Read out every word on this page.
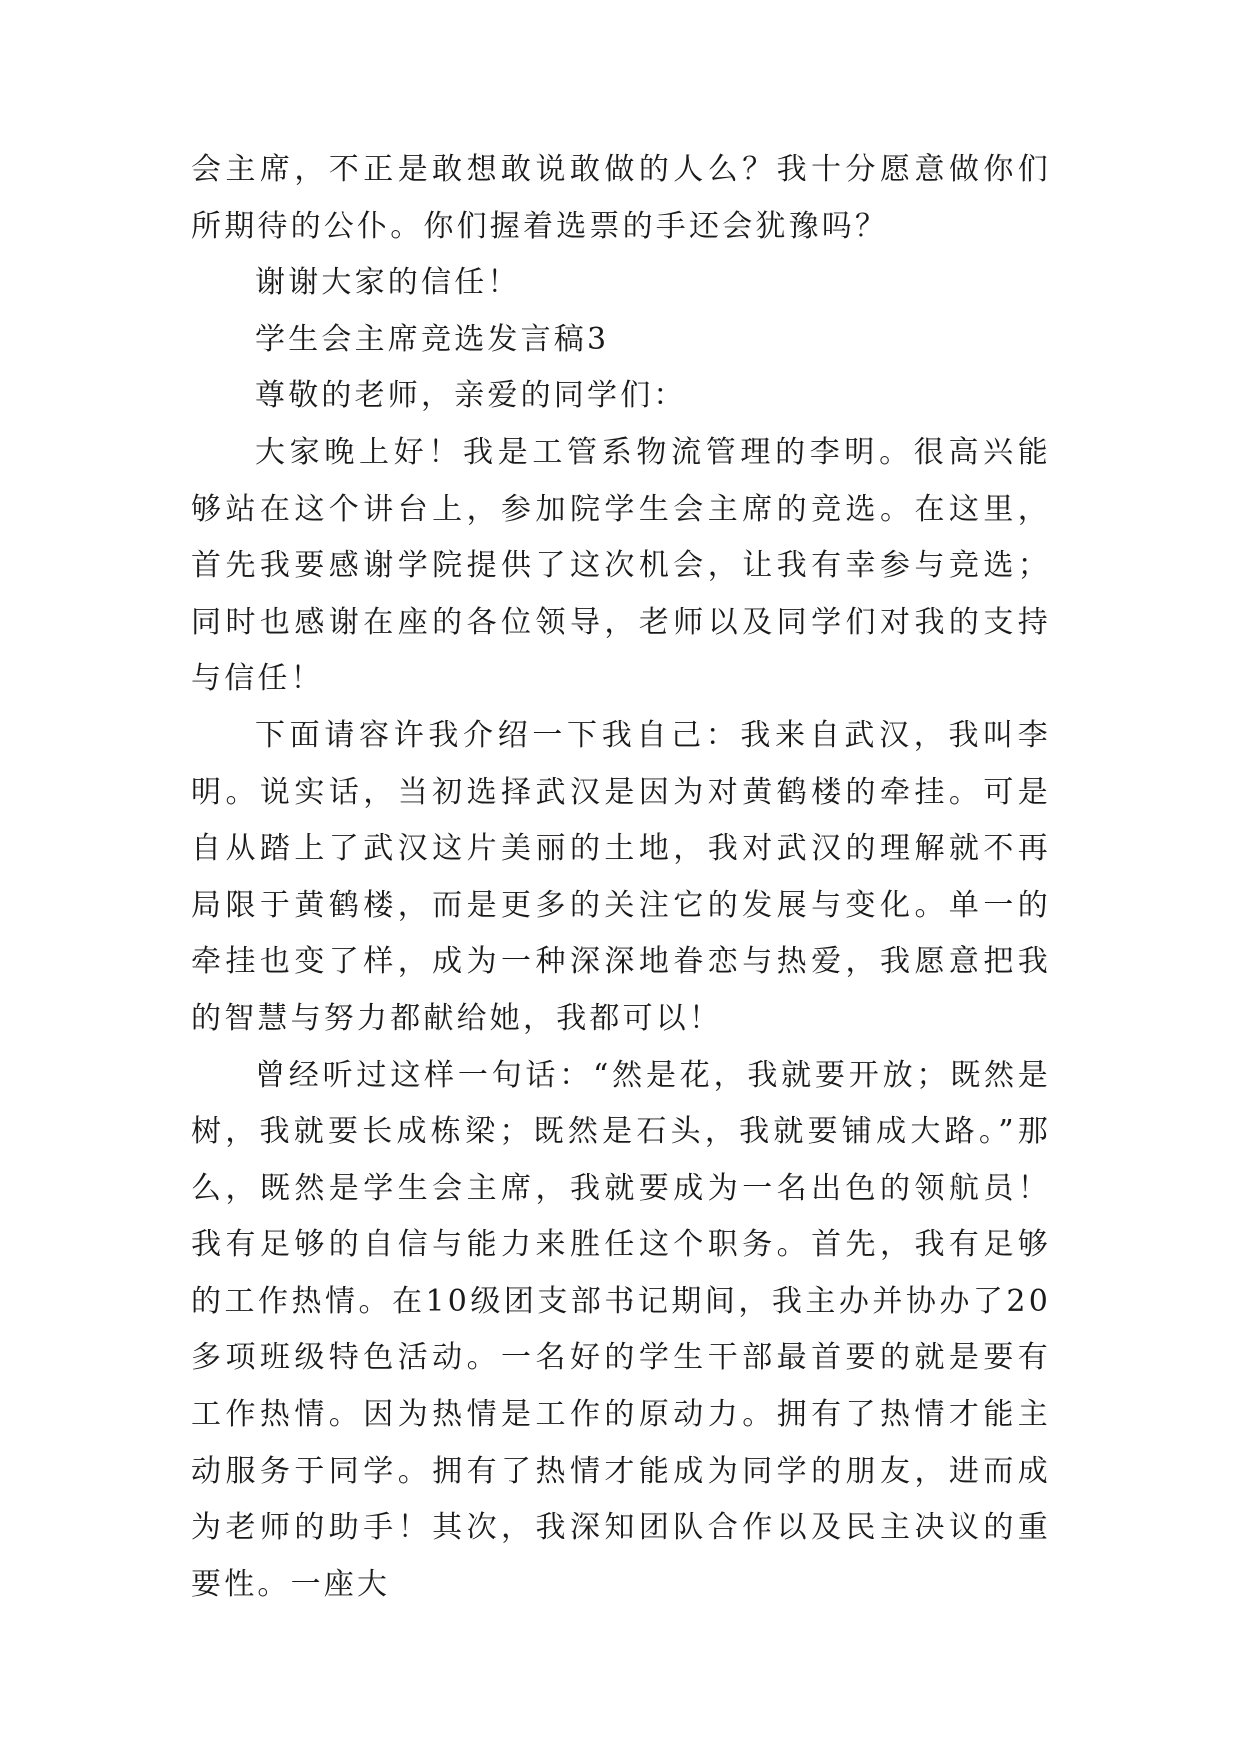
会主席，不正是敢想敢说敢做的人么？我十分愿意做你们所期待的公仆。你们握着选票的手还会犹豫吗？

谢谢大家的信任！

学生会主席竞选发言稿3

尊敬的老师，亲爱的同学们：

大家晚上好！我是工管系物流管理的李明。很高兴能够站在这个讲台上，参加院学生会主席的竞选。在这里，首先我要感谢学院提供了这次机会，让我有幸参与竞选；同时也感谢在座的各位领导，老师以及同学们对我的支持与信任！

下面请容许我介绍一下我自己：我来自武汉，我叫李明。说实话，当初选择武汉是因为对黄鹤楼的牵挂。可是自从踏上了武汉这片美丽的土地，我对武汉的理解就不再局限于黄鹤楼，而是更多的关注它的发展与变化。单一的牵挂也变了样，成为一种深深地眷恋与热爱，我愿意把我的智慧与努力都献给她，我都可以！

曾经听过这样一句话：“然是花，我就要开放；既然是树，我就要长成栋梁；既然是石头，我就要铺成大路。”那么，既然是学生会主席，我就要成为一名出色的领航员！我有足够的自信与能力来胜任这个职务。首先，我有足够的工作热情。在10级团支部书记期间，我主办并协办了20多项班级特色活动。一名好的学生干部最首要的就是要有工作热情。因为热情是工作的原动力。拥有了热情才能主动服务于同学。拥有了热情才能成为同学的朋友，进而成为老师的助手！其次，我深知团队合作以及民主决议的重要性。一座大
